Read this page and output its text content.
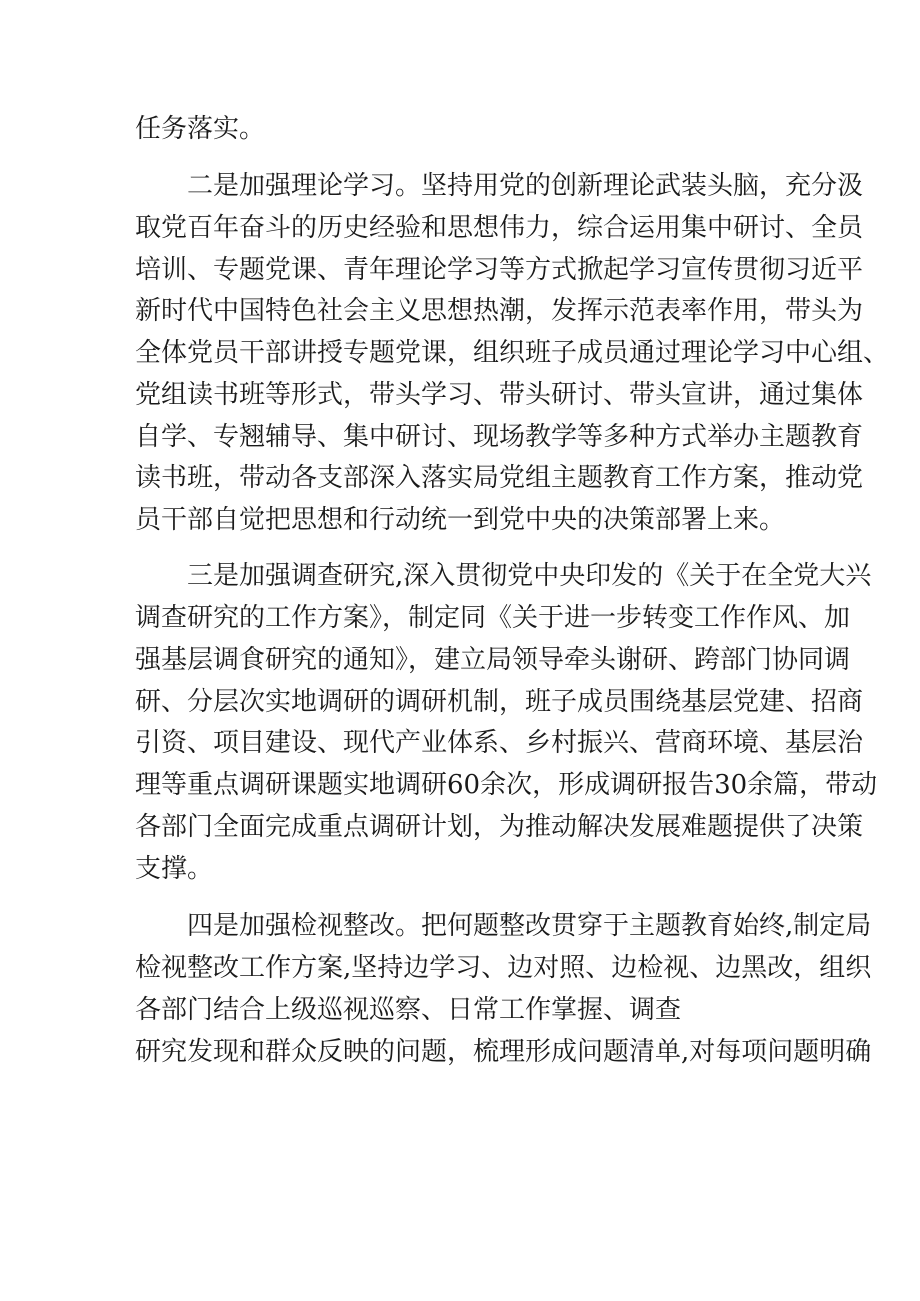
任务落实。
二是加强理论学习。坚持用党的创新理论武装头脑，充分汲
取党百年奋斗的历史经验和思想伟力，综合运用集中研讨、全员
培训、专题党课、青年理论学习等方式掀起学习宣传贯彻习近平
新时代中国特色社会主义思想热潮，发挥示范表率作用，带头为
全体党员干部讲授专题党课，组织班子成员通过理论学习中心组、
党组读书班等形式，带头学习、带头研讨、带头宣讲，通过集体
自学、专翘辅导、集中研讨、现场教学等多种方式举办主题教育
读书班，带动各支部深入落实局党组主题教育工作方案，推动党
员干部自觉把思想和行动统一到党中央的决策部署上来。
三是加强调查研究,深入贯彻党中央印发的《关于在全党大兴
调查研究的工作方案》，制定同《关于进一步转变工作作风、加
强基层调食研究的通知》，建立局领导牵头谢研、跨部门协同调
研、分层次实地调研的调研机制，班子成员围绕基层党建、招商
引资、项目建设、现代产业体系、乡村振兴、营商环境、基层治
理等重点调研课题实地调研60余次，形成调研报告30余篇，带动
各部门全面完成重点调研计划，为推动解决发展难题提供了决策
支撑。
四是加强检视整改。把何题整改贯穿于主题教育始终,制定局
检视整改工作方案,坚持边学习、边对照、边检视、边黑改，组织
各部门结合上级巡视巡察、日常工作掌握、调查
研究发现和群众反映的问题，梳理形成问题清单,对每项问题明确
